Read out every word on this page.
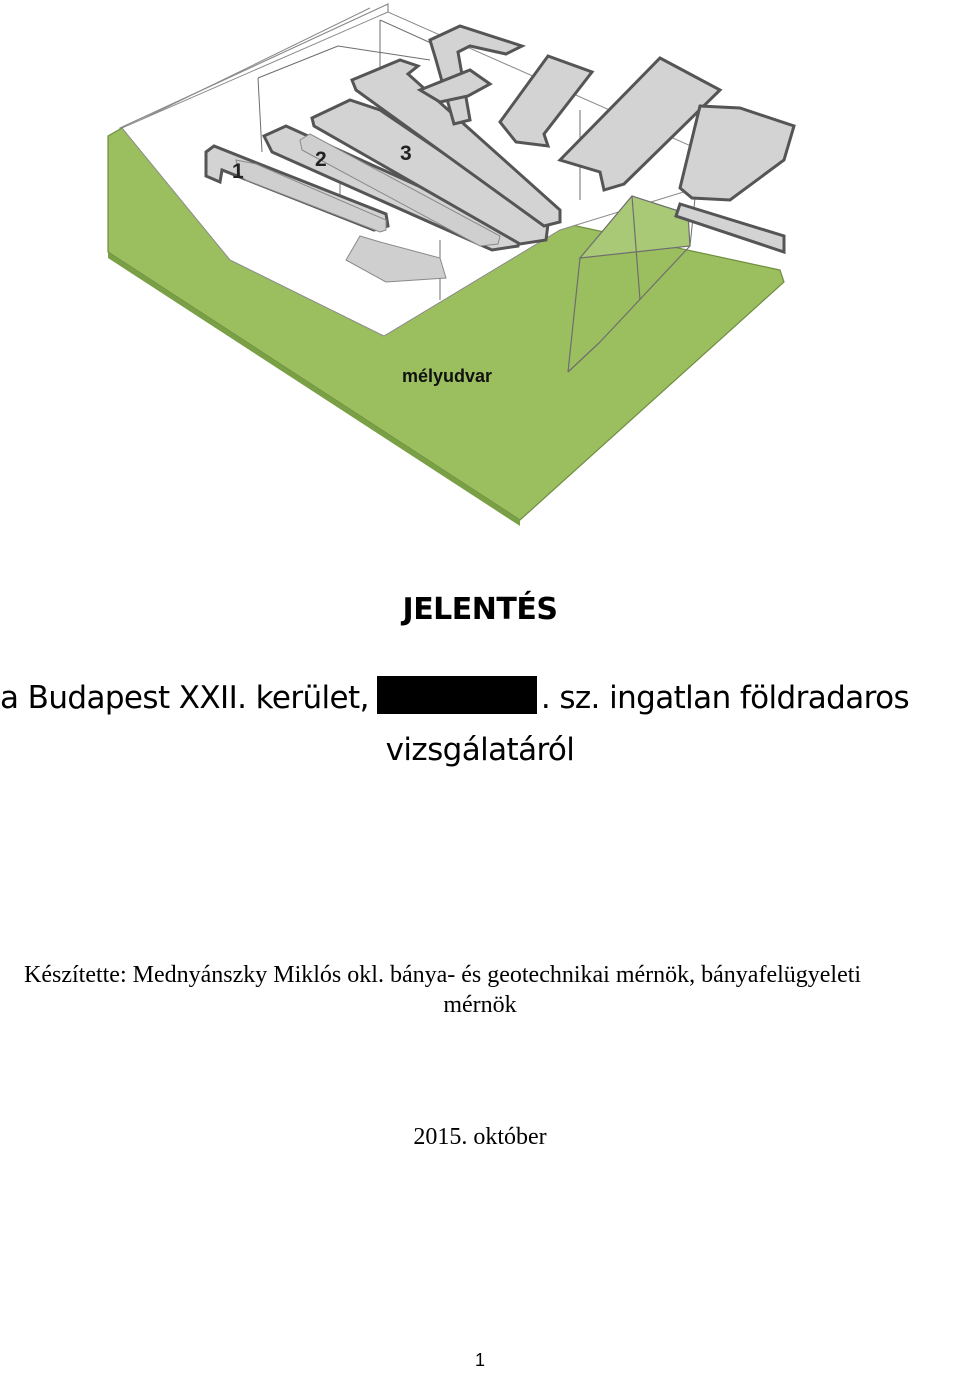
1
2	3
mélyudvar
JELENTÉS
a Budapest XXII. kerület,	. sz. ingatlan földradaros
vizsgálatáról
Készítette: Mednyánszky Miklós okl. bánya- és geotechnikai mérnök, bányafelügyeleti
mérnök
2015. október
1
